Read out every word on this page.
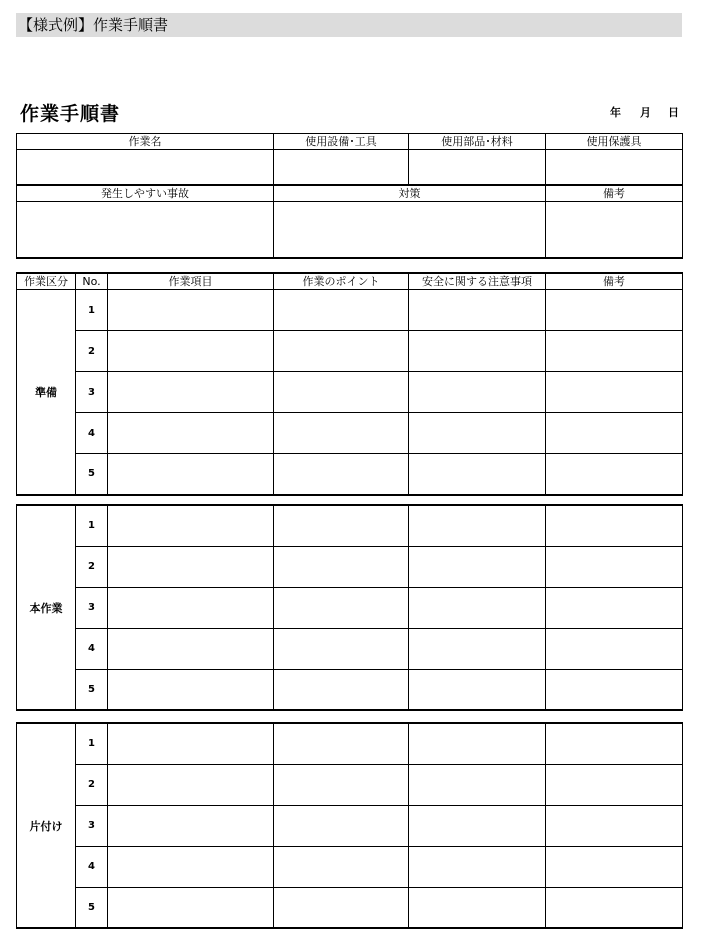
【様式例】作業手順書
作業手順書	年 月 日
作業名	使用設備･工具	使用部品･材料	使用保護具

発生しやすい事故	対策		備考

作業区分	No.	作業項目	作業のポイント	安全に関する注意事項	備考
準備	1				
	2				
	3				
	4				
	5				
本作業	1				
	2				
	3				
	4				
	5				
片付け	1				
	2				
	3				
	4				
	5				
